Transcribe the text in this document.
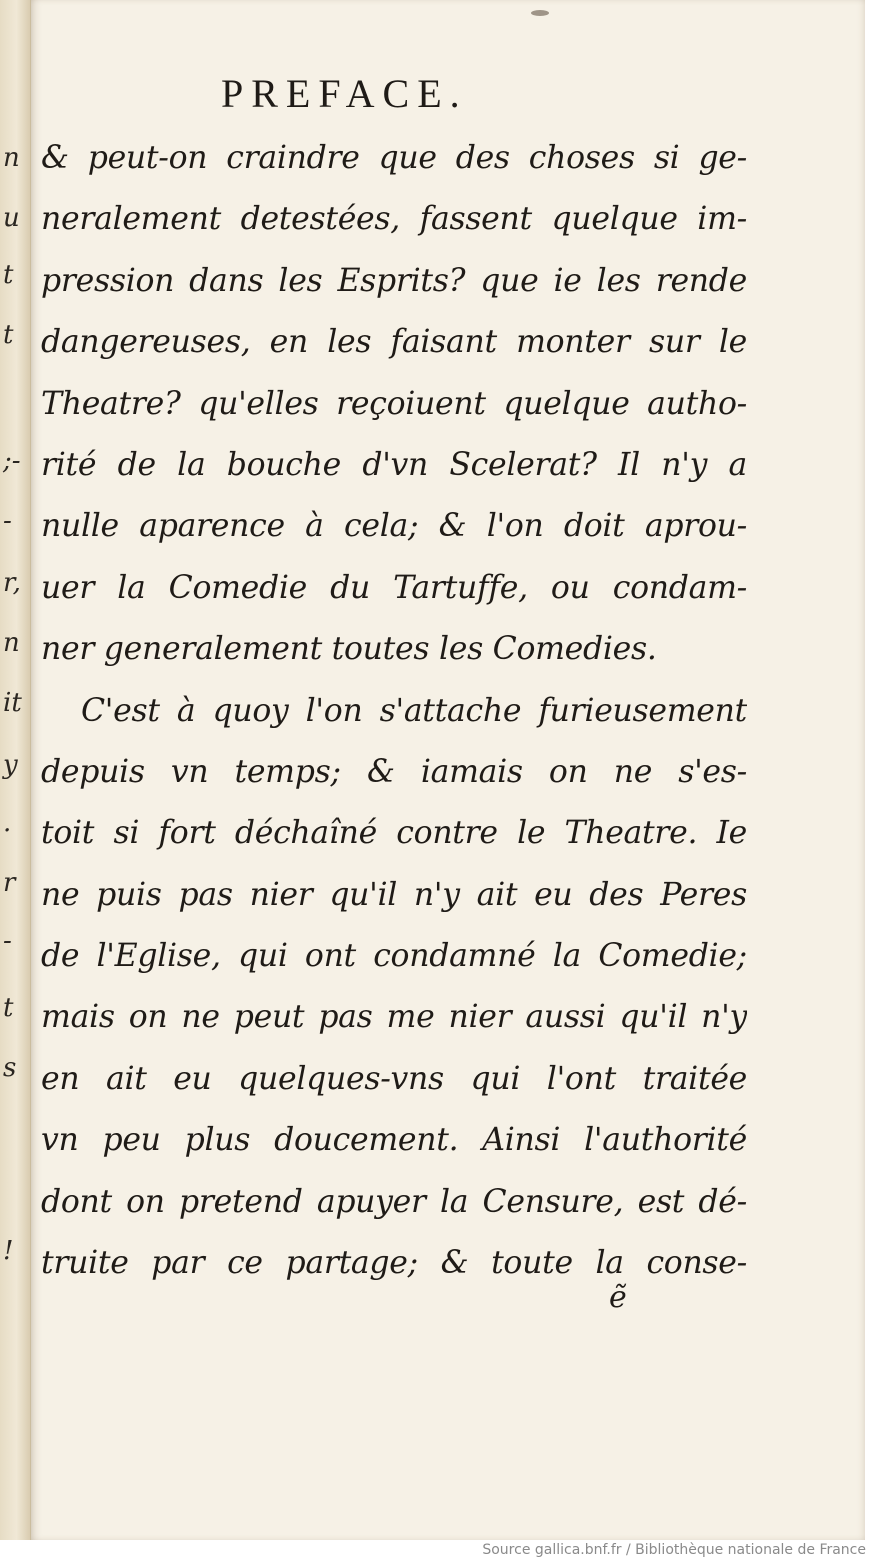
n
u
t
t
;-
-
r,
n
it
y
.
r
-
t
s
!
PREFACE.
& peut-on craindre que des choses si ge-
neralement detestées, fassent quelque im-
pression dans les Esprits? que ie les rende
dangereuses, en les faisant monter sur le
Theatre? qu'elles reçoiuent quelque autho-
rité de la bouche d'vn Scelerat? Il n'y a
nulle aparence à cela; & l'on doit aprou-
uer la Comedie du Tartuffe, ou condam-
ner generalement toutes les Comedies.
C'est à quoy l'on s'attache furieusement
depuis vn temps; & iamais on ne s'es-
toit si fort déchaîné contre le Theatre. Ie
ne puis pas nier qu'il n'y ait eu des Peres
de l'Eglise, qui ont condamné la Comedie;
mais on ne peut pas me nier aussi qu'il n'y
en ait eu quelques-vns qui l'ont traitée
vn peu plus doucement. Ainsi l'authorité
dont on pretend apuyer la Censure, est dé-
truite par ce partage; & toute la conse-
ẽ
Source gallica.bnf.fr / Bibliothèque nationale de France
